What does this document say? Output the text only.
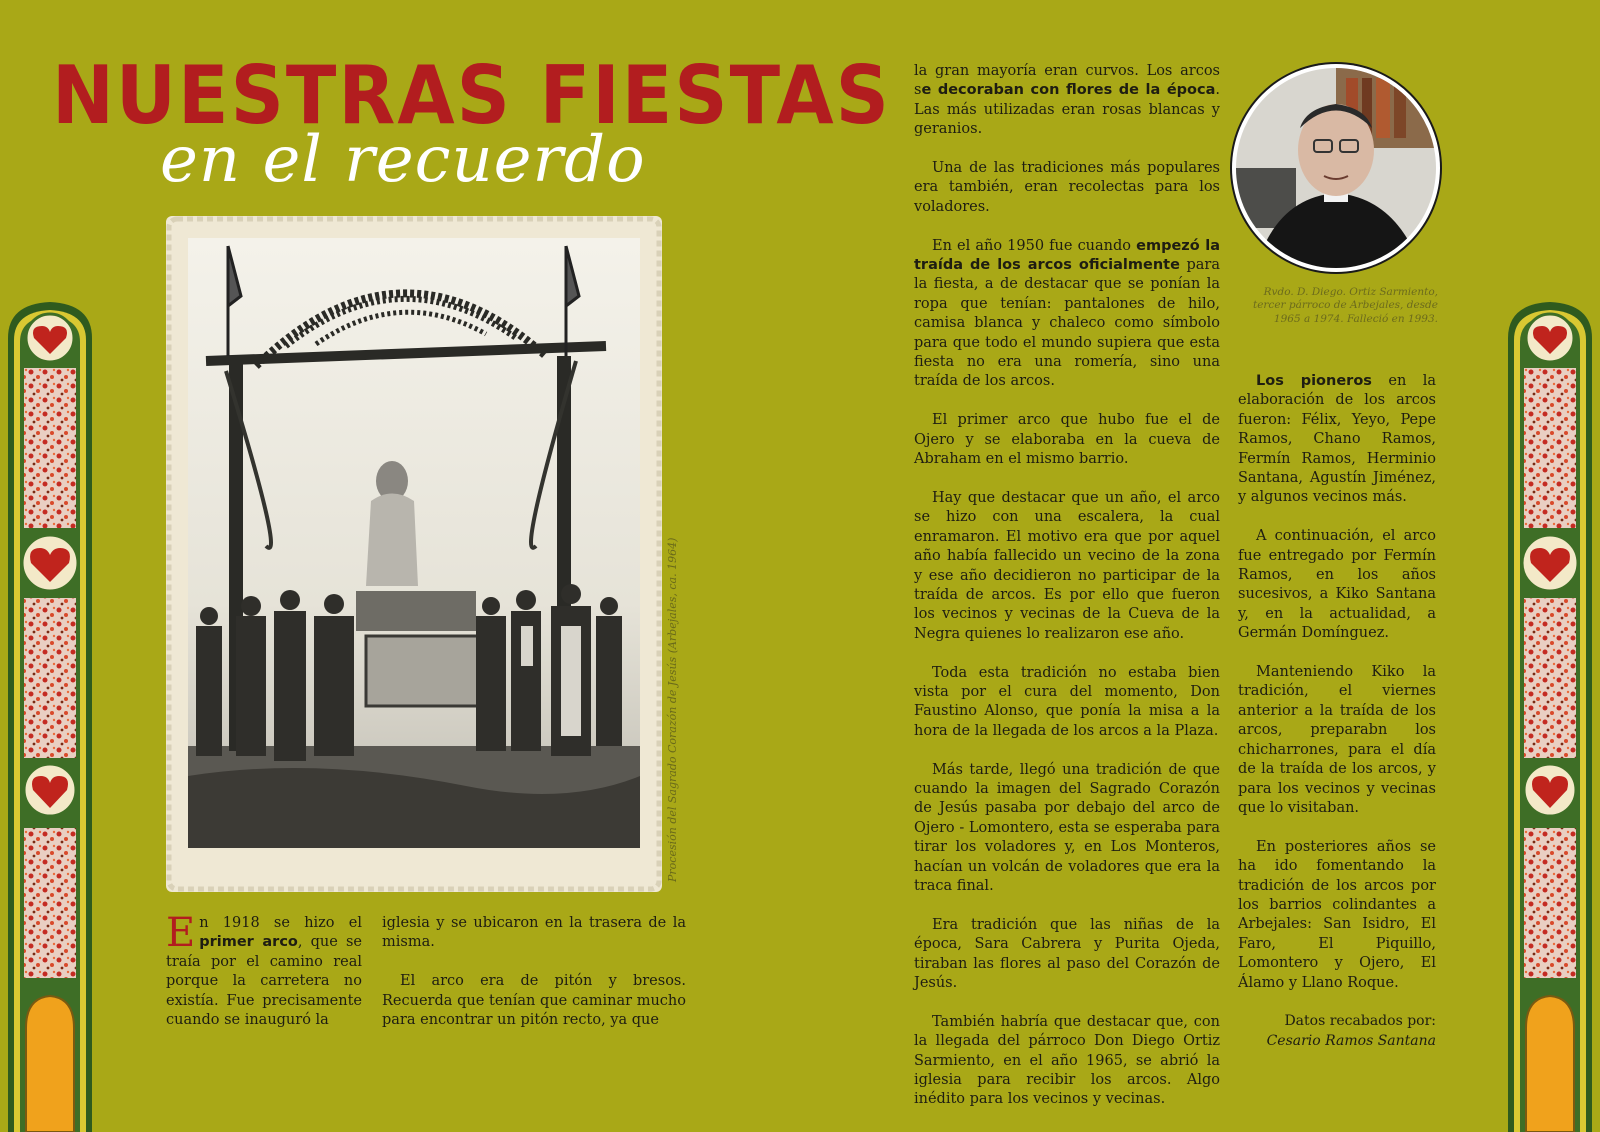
NUESTRAS FIESTAS
en el recuerdo
Procesión del Sagrado Corazón de Jesús (Arbejales, ca. 1964)
En 1918 se hizo el primer arco, que se traía por el camino real porque la carretera no existía. Fue precisamente cuando se inauguró la

iglesia y se ubicaron en la trasera de la misma.

El arco era de pitón y bresos. Recuerda que tenían que caminar mucho para encontrar un pitón recto, ya que

la gran mayoría eran curvos. Los arcos se decoraban con flores de la época. Las más utilizadas eran rosas blancas y geranios.

Una de las tradiciones más populares era también, eran recolectas para los voladores.

En el año 1950 fue cuando empezó la traída de los arcos oficialmente para la fiesta, a de destacar que se ponían la ropa que tenían: pantalones de hilo, camisa blanca y chaleco como símbolo para que todo el mundo supiera que esta fiesta no era una romería, sino una traída de los arcos.

El primer arco que hubo fue el de Ojero y se elaboraba en la cueva de Abraham en el mismo barrio.

Hay que destacar que un año, el arco se hizo con una escalera, la cual enramaron. El motivo era que por aquel año había fallecido un vecino de la zona y ese año decidieron no participar de la traída de arcos. Es por ello que fueron los vecinos y vecinas de la Cueva de la Negra quienes lo realizaron ese año.

Toda esta tradición no estaba bien vista por el cura del momento, Don Faustino Alonso, que ponía la misa a la hora de la llegada de los arcos a la Plaza.

Más tarde, llegó una tradición de que cuando la imagen del Sagrado Corazón de Jesús pasaba por debajo del arco de Ojero - Lomontero, esta se esperaba para tirar los voladores y, en Los Monteros, hacían un volcán de voladores que era la traca final.

Era tradición que las niñas de la época, Sara Cabrera y Purita Ojeda, tiraban las flores al paso del Corazón de Jesús.

También habría que destacar que, con la llegada del párroco Don Diego Ortiz Sarmiento, en el año 1965, se abrió la iglesia para recibir los arcos. Algo inédito para los vecinos y vecinas.

Rvdo. D. Diego. Ortiz Sarmiento, tercer párroco de Arbejales, desde 1965 a 1974. Falleció en 1993.

Los pioneros en la elaboración de los arcos fueron: Félix, Yeyo, Pepe Ramos, Chano Ramos, Fermín Ramos, Herminio Santana, Agustín Jiménez, y algunos vecinos más.

A continuación, el arco fue entregado por Fermín Ramos, en los años sucesivos, a Kiko Santana y, en la actualidad, a Germán Domínguez.

Manteniendo Kiko la tradición, el viernes anterior a la traída de los arcos, preparabn los chicharrones, para el día de la traída de los arcos, y para los vecinos y vecinas que lo visitaban.

En posteriores años se ha ido fomentando la tradición de los arcos por los barrios colindantes a Arbejales: San Isidro, El Faro, El Piquillo, Lomontero y Ojero, El Álamo y Llano Roque.

Datos recabados por:
Cesario Ramos Santana
